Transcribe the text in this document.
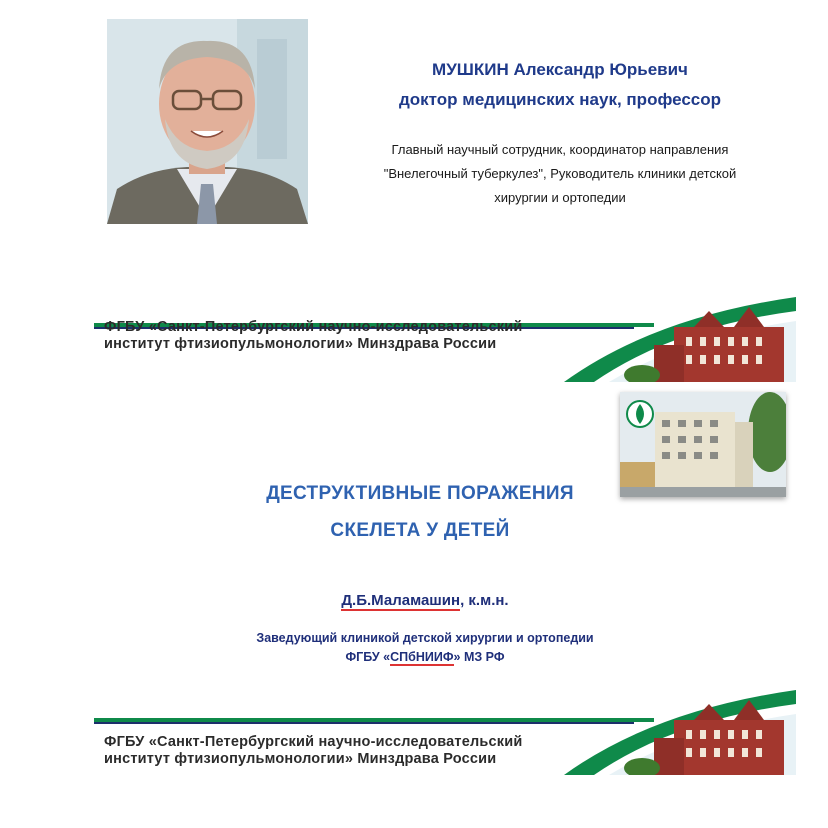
МУШКИН Александр Юрьевич
доктор медицинских наук, профессор
Главный научный сотрудник, координатор направления
"Внелегочный туберкулез", Руководитель клиники детской
хирургии и ортопедии
ФГБУ «Санкт-Петербургский научно-исследовательский
институт фтизиопульмонологии» Минздрава России
ДЕСТРУКТИВНЫЕ ПОРАЖЕНИЯ
СКЕЛЕТА У ДЕТЕЙ
Д.Б.Маламашин, к.м.н.
Заведующий клиникой детской хирургии и ортопедии
ФГБУ «СПбНИИФ» МЗ РФ
ФГБУ «Санкт-Петербургский научно-исследовательский
институт фтизиопульмонологии» Минздрава России
